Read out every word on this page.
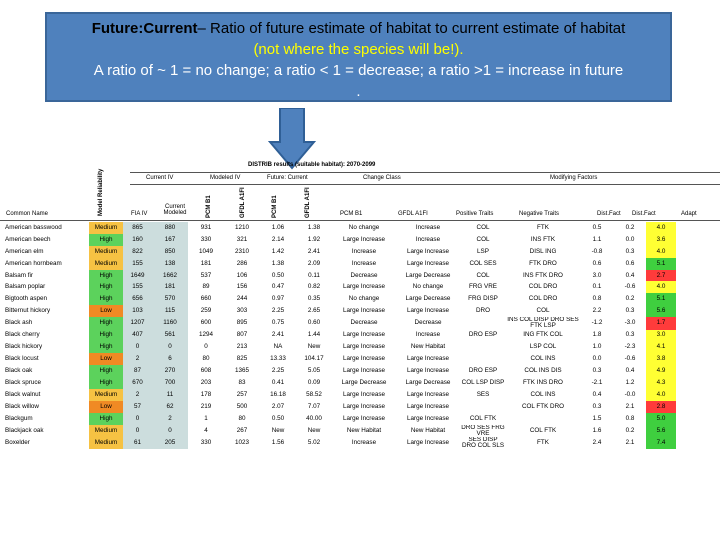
Future:Current– Ratio of future estimate of habitat to current estimate of habitat
(not where the species will be!).
A ratio of ~ 1 = no change; a ratio < 1 = decrease; a ratio >1 = increase in future
.
DISTRIB results (suitable habitat): 2070-2099
Current IV	Modeled IV	Future: Current	Change Class	Modifying Factors
Common Name	Model Reliability	FIA IV
Current Modeled	PCM B1	GFDL A1FI	PCM B1	GFDL A1FI	PCM B1	GFDL A1FI	Positive Traits	Negative Traits	Dist.Fact Dist.Fact	Adapt
American basswood	Medium	865	880	931	1210	1.06	1.38	No change	Increase	COL	FTK	0.5	0.2	4.0
American beech	High	160	167	330	321	2.14	1.92	Large Increase	Increase	COL	INS FTK	1.1	0.0	3.6
American elm	Medium	822	850	1049	2310	1.42	2.41	Increase	Large Increase	LSP	DISL ING	-0.8	0.3	4.0
American hornbeam	Medium	155	138	181	286	1.38	2.09	Increase	Large Increase	COL SES	FTK DRO	0.6	0.6	5.1
Balsam fir	High	1649	1662	537	106	0.50	0.11	Decrease	Large Decrease	COL	INS FTK DRO	3.0	0.4	2.7
Balsam poplar	High	155	181	89	156	0.47	0.82	Large Increase	No change	FRG VRE	COL DRO	0.1	-0.6	4.0
Bigtooth aspen	High	656	570	660	244	0.97	0.35	No change	Large Decrease	FRG DISP	COL DRO	0.8	0.2	5.1
Bitternut hickory	Low	103	115	259	303	2.25	2.65	Large Increase	Large Increase	DRO	COL	2.2	0.3	5.6
Black ash	High	1207	1160	600	895	0.75	0.60	Decrease	Decrease		INS COL DISP DRO SES FTK LSP	-1.2	-3.0	1.7
Black cherry	High	407	561	1294	807	2.41	1.44	Large Increase	Increase	DRO ESP	ING FTK COL	1.8	0.3	3.0
Black hickory	High	0	0	0	213	NA	New	Large Increase	New Habitat		LSP COL	1.0	-2.3	4.1
Black locust	Low	2	6	80	825	13.33	104.17	Large Increase	Large Increase		COL INS	0.0	-0.6	3.8
Black oak	High	87	270	608	1365	2.25	5.05	Large Increase	Large Increase	DRO ESP	COL INS DIS	0.3	0.4	4.9
Black spruce	High	670	700	203	83	0.41	0.09	Large Decrease	Large Decrease	COL LSP DISP	FTK INS DRO	-2.1	1.2	4.3
Black walnut	Medium	2	11	178	257	16.18	58.52	Large Increase	Large Increase	SES	COL INS	0.4	-0.0	4.0
Black willow	Low	57	62	219	500	2.07	7.07	Large Increase	Large Increase		COL FTK DRO	0.3	2.1	2.8
Blackgum	High	0	2	1	80	0.50	40.00	Large Increase	Large Increase	COL FTK		1.5	0.8	5.0
Blackjack oak	Medium	0	0	4	267	New	New	New Habitat	New Habitat	DRO SES FRG VRE	COL FTK	1.6	0.2	5.6
Boxelder	Medium	61	205	330	1023	1.56	5.02	Increase	Large Increase	SES DISP DRO COL SLS	FTK	2.4	2.1	7.4
